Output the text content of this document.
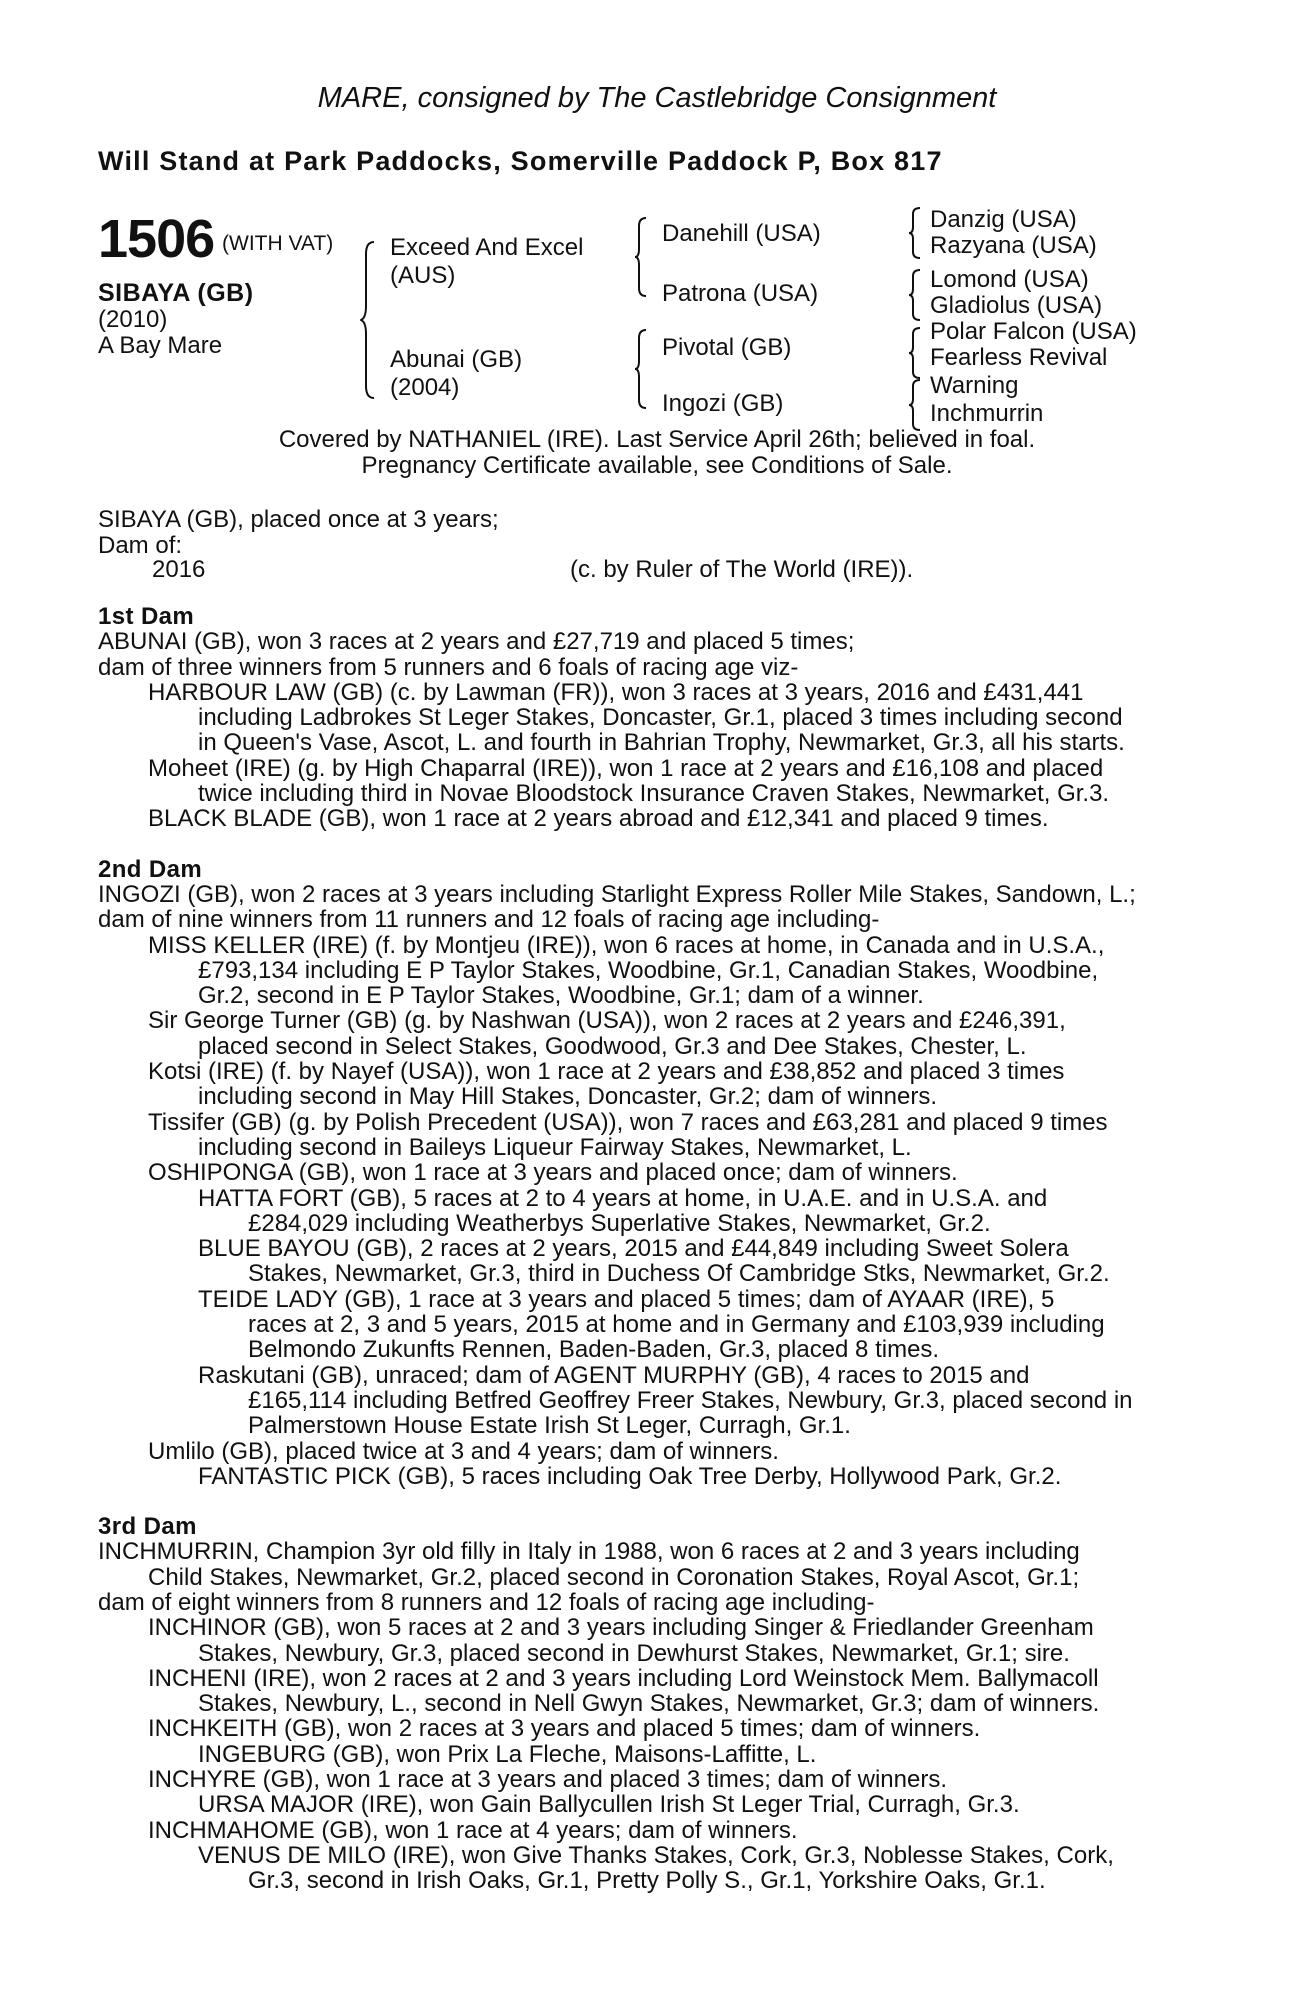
MARE, consigned by The Castlebridge Consignment
Will Stand at Park Paddocks, Somerville Paddock P, Box 817
1506 (WITH VAT)
SIBAYA (GB)
(2010)
A Bay Mare
Exceed And Excel
(AUS)
Abunai (GB)
(2004)
Danehill (USA)
Patrona (USA)
Pivotal (GB)
Ingozi (GB)
Danzig (USA)
Razyana (USA)
Lomond (USA)
Gladiolus (USA)
Polar Falcon (USA)
Fearless Revival
Warning
Inchmurrin
Covered by NATHANIEL (IRE). Last Service April 26th; believed in foal.
Pregnancy Certificate available, see Conditions of Sale.
SIBAYA (GB), placed once at 3 years;
Dam of:
2016	(c. by Ruler of The World (IRE)).

1st Dam

ABUNAI (GB), won 3 races at 2 years and £27,719 and placed 5 times;

dam of three winners from 5 runners and 6 foals of racing age viz-

HARBOUR LAW (GB) (c. by Lawman (FR)), won 3 races at 3 years, 2016 and £431,441

including Ladbrokes St Leger Stakes, Doncaster, Gr.1, placed 3 times including second

in Queen's Vase, Ascot, L. and fourth in Bahrian Trophy, Newmarket, Gr.3, all his starts.

Moheet (IRE) (g. by High Chaparral (IRE)), won 1 race at 2 years and £16,108 and placed

twice including third in Novae Bloodstock Insurance Craven Stakes, Newmarket, Gr.3.

BLACK BLADE (GB), won 1 race at 2 years abroad and £12,341 and placed 9 times.

2nd Dam

INGOZI (GB), won 2 races at 3 years including Starlight Express Roller Mile Stakes, Sandown, L.;

dam of nine winners from 11 runners and 12 foals of racing age including-

MISS KELLER (IRE) (f. by Montjeu (IRE)), won 6 races at home, in Canada and in U.S.A.,

£793,134 including E P Taylor Stakes, Woodbine, Gr.1, Canadian Stakes, Woodbine,

Gr.2, second in E P Taylor Stakes, Woodbine, Gr.1; dam of a winner.

Sir George Turner (GB) (g. by Nashwan (USA)), won 2 races at 2 years and £246,391,

placed second in Select Stakes, Goodwood, Gr.3 and Dee Stakes, Chester, L.

Kotsi (IRE) (f. by Nayef (USA)), won 1 race at 2 years and £38,852 and placed 3 times

including second in May Hill Stakes, Doncaster, Gr.2; dam of winners.

Tissifer (GB) (g. by Polish Precedent (USA)), won 7 races and £63,281 and placed 9 times

including second in Baileys Liqueur Fairway Stakes, Newmarket, L.

OSHIPONGA (GB), won 1 race at 3 years and placed once; dam of winners.

HATTA FORT (GB), 5 races at 2 to 4 years at home, in U.A.E. and in U.S.A. and

£284,029 including Weatherbys Superlative Stakes, Newmarket, Gr.2.

BLUE BAYOU (GB), 2 races at 2 years, 2015 and £44,849 including Sweet Solera

Stakes, Newmarket, Gr.3, third in Duchess Of Cambridge Stks, Newmarket, Gr.2.

TEIDE LADY (GB), 1 race at 3 years and placed 5 times; dam of AYAAR (IRE), 5

races at 2, 3 and 5 years, 2015 at home and in Germany and £103,939 including

Belmondo Zukunfts Rennen, Baden-Baden, Gr.3, placed 8 times.

Raskutani (GB), unraced; dam of AGENT MURPHY (GB), 4 races to 2015 and

£165,114 including Betfred Geoffrey Freer Stakes, Newbury, Gr.3, placed second in

Palmerstown House Estate Irish St Leger, Curragh, Gr.1.

Umlilo (GB), placed twice at 3 and 4 years; dam of winners.

FANTASTIC PICK (GB), 5 races including Oak Tree Derby, Hollywood Park, Gr.2.

3rd Dam

INCHMURRIN, Champion 3yr old filly in Italy in 1988, won 6 races at 2 and 3 years including

Child Stakes, Newmarket, Gr.2, placed second in Coronation Stakes, Royal Ascot, Gr.1;

dam of eight winners from 8 runners and 12 foals of racing age including-

INCHINOR (GB), won 5 races at 2 and 3 years including Singer & Friedlander Greenham

Stakes, Newbury, Gr.3, placed second in Dewhurst Stakes, Newmarket, Gr.1; sire.

INCHENI (IRE), won 2 races at 2 and 3 years including Lord Weinstock Mem. Ballymacoll

Stakes, Newbury, L., second in Nell Gwyn Stakes, Newmarket, Gr.3; dam of winners.

INCHKEITH (GB), won 2 races at 3 years and placed 5 times; dam of winners.

INGEBURG (GB), won Prix La Fleche, Maisons-Laffitte, L.

INCHYRE (GB), won 1 race at 3 years and placed 3 times; dam of winners.

URSA MAJOR (IRE), won Gain Ballycullen Irish St Leger Trial, Curragh, Gr.3.

INCHMAHOME (GB), won 1 race at 4 years; dam of winners.

VENUS DE MILO (IRE), won Give Thanks Stakes, Cork, Gr.3, Noblesse Stakes, Cork,

Gr.3, second in Irish Oaks, Gr.1, Pretty Polly S., Gr.1, Yorkshire Oaks, Gr.1.
